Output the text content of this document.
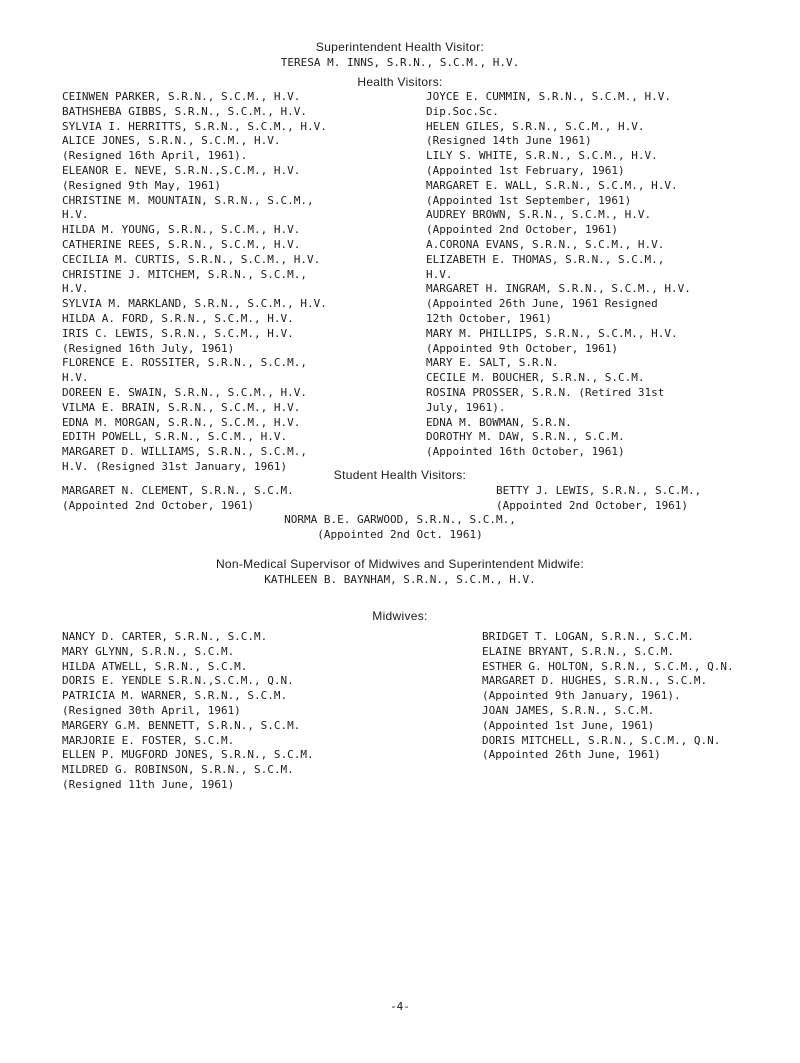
Superintendent Health Visitor:
TERESA M. INNS, S.R.N., S.C.M., H.V.
Health Visitors:
CEINWEN PARKER, S.R.N., S.C.M., H.V.
BATHSHEBA GIBBS, S.R.N., S.C.M., H.V.
SYLVIA I. HERRITTS, S.R.N., S.C.M., H.V.
ALICE JONES, S.R.N., S.C.M., H.V.
(Resigned 16th April, 1961).
ELEANOR E. NEVE, S.R.N.,S.C.M., H.V.
(Resigned 9th May, 1961)
CHRISTINE M. MOUNTAIN, S.R.N., S.C.M.,
H.V.
HILDA M. YOUNG, S.R.N., S.C.M., H.V.
CATHERINE REES, S.R.N., S.C.M., H.V.
CECILIA M. CURTIS, S.R.N., S.C.M., H.V.
CHRISTINE J. MITCHEM, S.R.N., S.C.M.,
H.V.
SYLVIA M. MARKLAND, S.R.N., S.C.M., H.V.
HILDA A. FORD, S.R.N., S.C.M., H.V.
IRIS C. LEWIS, S.R.N., S.C.M., H.V.
(Resigned 16th July, 1961)
FLORENCE E. ROSSITER, S.R.N., S.C.M.,
H.V.
DOREEN E. SWAIN, S.R.N., S.C.M., H.V.
VILMA E. BRAIN, S.R.N., S.C.M., H.V.
EDNA M. MORGAN, S.R.N., S.C.M., H.V.
EDITH POWELL, S.R.N., S.C.M., H.V.
MARGARET D. WILLIAMS, S.R.N., S.C.M.,
H.V. (Resigned 31st January, 1961)
JOYCE E. CUMMIN, S.R.N., S.C.M., H.V.
Dip.Soc.Sc.
HELEN GILES, S.R.N., S.C.M., H.V.
(Resigned 14th June 1961)
LILY S. WHITE, S.R.N., S.C.M., H.V.
(Appointed 1st February, 1961)
MARGARET E. WALL, S.R.N., S.C.M., H.V.
(Appointed 1st September, 1961)
AUDREY BROWN, S.R.N., S.C.M., H.V.
(Appointed 2nd October, 1961)
A.CORONA EVANS, S.R.N., S.C.M., H.V.
ELIZABETH E. THOMAS, S.R.N., S.C.M.,
H.V.
MARGARET H. INGRAM, S.R.N., S.C.M., H.V.
(Appointed 26th June, 1961 Resigned
12th October, 1961)
MARY M. PHILLIPS, S.R.N., S.C.M., H.V.
(Appointed 9th October, 1961)
MARY E. SALT, S.R.N.
CECILE M. BOUCHER, S.R.N., S.C.M.
ROSINA PROSSER, S.R.N. (Retired 31st
July, 1961).
EDNA M. BOWMAN, S.R.N.
DOROTHY M. DAW, S.R.N., S.C.M.
(Appointed 16th October, 1961)
Student Health Visitors:
MARGARET N. CLEMENT, S.R.N., S.C.M.
(Appointed 2nd October, 1961)
BETTY J. LEWIS, S.R.N., S.C.M.,
(Appointed 2nd October, 1961)
NORMA B.E. GARWOOD, S.R.N., S.C.M.,
(Appointed 2nd Oct. 1961)
Non-Medical Supervisor of Midwives and Superintendent Midwife:
KATHLEEN B. BAYNHAM, S.R.N., S.C.M., H.V.
Midwives:
NANCY D. CARTER, S.R.N., S.C.M.
MARY GLYNN, S.R.N., S.C.M.
HILDA ATWELL, S.R.N., S.C.M.
DORIS E. YENDLE S.R.N.,S.C.M., Q.N.
PATRICIA M. WARNER, S.R.N., S.C.M.
(Resigned 30th April, 1961)
MARGERY G.M. BENNETT, S.R.N., S.C.M.
MARJORIE E. FOSTER, S.C.M.
ELLEN P. MUGFORD JONES, S.R.N., S.C.M.
MILDRED G. ROBINSON, S.R.N., S.C.M.
(Resigned 11th June, 1961)
BRIDGET T. LOGAN, S.R.N., S.C.M.
ELAINE BRYANT, S.R.N., S.C.M.
ESTHER G. HOLTON, S.R.N., S.C.M., Q.N.
MARGARET D. HUGHES, S.R.N., S.C.M.
(Appointed 9th January, 1961).
JOAN JAMES, S.R.N., S.C.M.
(Appointed 1st June, 1961)
DORIS MITCHELL, S.R.N., S.C.M., Q.N.
(Appointed 26th June, 1961)
-4-
